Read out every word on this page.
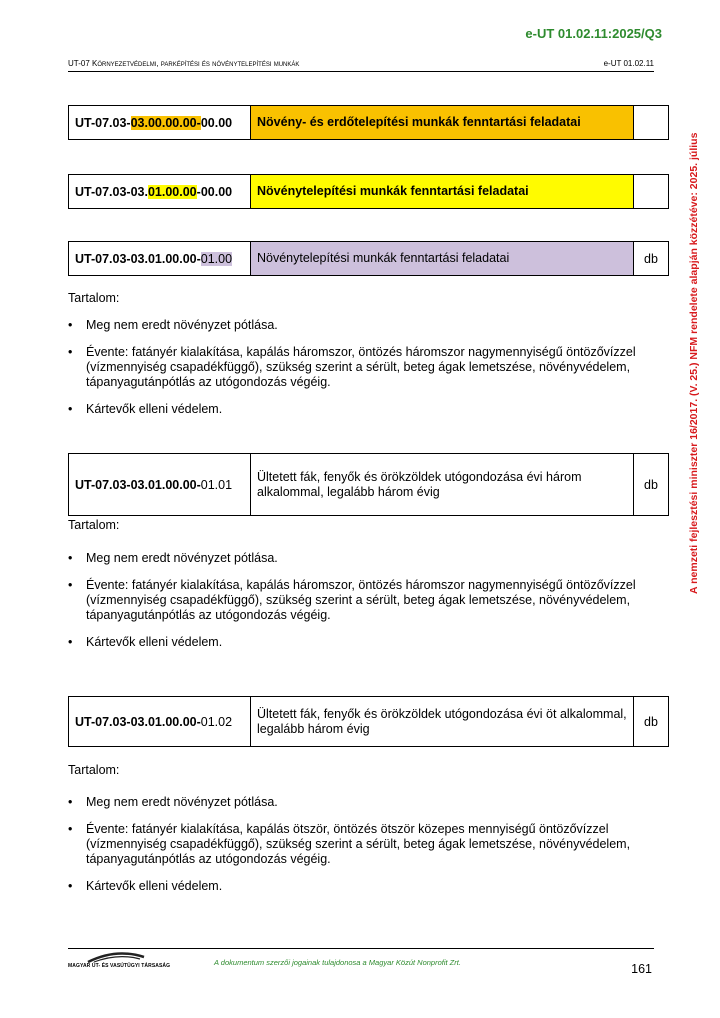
e-UT 01.02.11:2025/Q3
UT-07 Környezetvédelmi, parképítési és növénytelepítési munkák	e-UT 01.02.11
A nemzeti fejlesztési miniszter 16/2017. (V. 25.) NFM rendelete alapján közzétéve: 2025. július
UT-07.03-03.00.00.00-00.00	Növény- és erdőtelepítési munkák fenntartási feladatai	
UT-07.03-03.01.00.00-00.00	Növénytelepítési munkák fenntartási feladatai	
UT-07.03-03.01.00.00-01.00	Növénytelepítési munkák fenntartási feladatai	db
Tartalom:
• Meg nem eredt növényzet pótlása.
• Évente: fatányér kialakítása, kapálás háromszor, öntözés háromszor nagymennyiségű öntözővízzel (vízmennyiség csapadékfüggő), szükség szerint a sérült, beteg ágak lemetszése, növényvédelem, tápanyagutánpótlás az utógondozás végéig.
• Kártevők elleni védelem.
UT-07.03-03.01.00.00-01.01	Ültetett fák, fenyők és örökzöldek utógondozása évi három alkalommal, legalább három évig	db
Tartalom:
• Meg nem eredt növényzet pótlása.
• Évente: fatányér kialakítása, kapálás háromszor, öntözés háromszor nagymennyiségű öntözővízzel (vízmennyiség csapadékfüggő), szükség szerint a sérült, beteg ágak lemetszése, növényvédelem, tápanyagutánpótlás az utógondozás végéig.
• Kártevők elleni védelem.
UT-07.03-03.01.00.00-01.02	Ültetett fák, fenyők és örökzöldek utógondozása évi öt alkalommal, legalább három évig	db
Tartalom:
• Meg nem eredt növényzet pótlása.
• Évente: fatányér kialakítása, kapálás ötször, öntözés ötször közepes mennyiségű öntözővízzel (vízmennyiség csapadékfüggő), szükség szerint a sérült, beteg ágak lemetszése, növényvédelem, tápanyagutánpótlás az utógondozás végéig.
• Kártevők elleni védelem.
MAGYAR ÚT- ÉS VASÚTÜGYI TÁRSASÁG	A dokumentum szerzői jogainak tulajdonosa a Magyar Közút Nonprofit Zrt.	161
